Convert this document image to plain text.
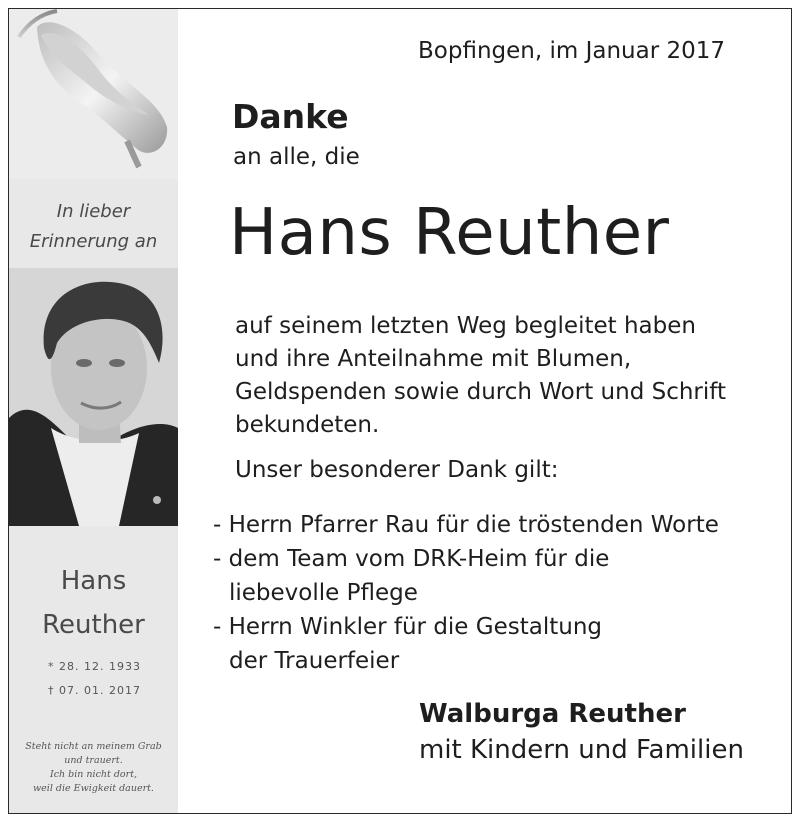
In lieber
Erinnerung an
Hans
Reuther
* 28. 12. 1933
† 07. 01. 2017
Steht nicht an meinem Grab
und trauert.
Ich bin nicht dort,
weil die Ewigkeit dauert.
Bopfingen, im Januar 2017
Danke
an alle, die
Hans Reuther
auf seinem letzten Weg begleitet haben
und ihre Anteilnahme mit Blumen,
Geldspenden sowie durch Wort und Schrift
bekundeten.
Unser besonderer Dank gilt:
- Herrn Pfarrer Rau für die tröstenden Worte
- dem Team vom DRK-Heim für die
liebevolle Pflege
- Herrn Winkler für die Gestaltung
der Trauerfeier
Walburga Reuther
mit Kindern und Familien
